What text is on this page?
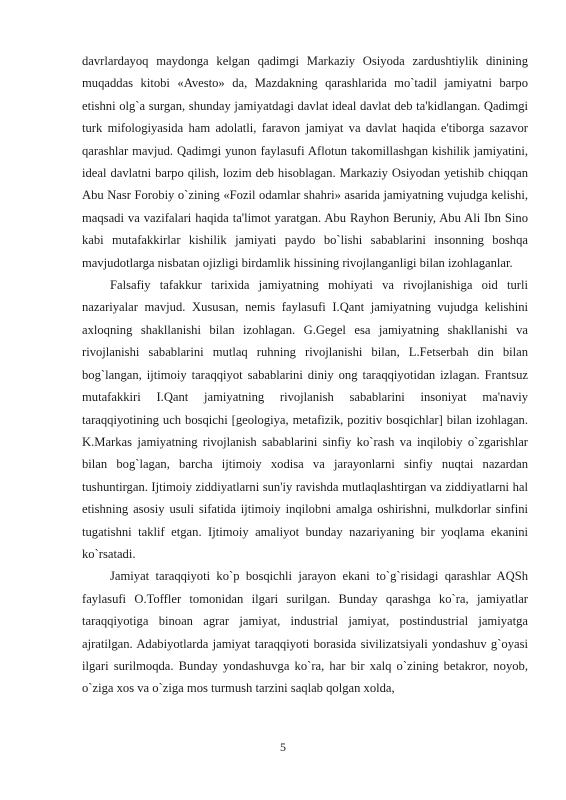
davrlardayoq maydonga kelgan qadimgi Markaziy Osiyoda zardushtiylik dinining muqaddas kitobi «Avesto» da, Mazdakning qarashlarida mo`tadil jamiyatni barpo etishni olg`a surgan, shunday jamiyatdagi davlat ideal davlat deb ta'kidlangan. Qadimgi turk mifologiyasida ham adolatli, faravon jamiyat va davlat haqida e'tiborga sazavor qarashlar mavjud. Qadimgi yunon faylasufi Aflotun takomillashgan kishilik jamiyatini, ideal davlatni barpo qilish, lozim deb hisoblagan. Markaziy Osiyodan yetishib chiqqan Abu Nasr Forobiy o`zining «Fozil odamlar shahri» asarida jamiyatning vujudga kelishi, maqsadi va vazifalari haqida ta'limot yaratgan. Abu Rayhon Beruniy, Abu Ali Ibn Sino kabi mutafakkirlar kishilik jamiyati paydo bo`lishi sabablarini insonning boshqa mavjudotlarga nisbatan ojizligi birdamlik hissining rivojlanganligi bilan izohlaganlar.

Falsafiy tafakkur tarixida jamiyatning mohiyati va rivojlanishiga oid turli nazariyalar mavjud. Xususan, nemis faylasufi I.Qant jamiyatning vujudga kelishini axloqning shakllanishi bilan izohlagan. G.Gegel esa jamiyatning shakllanishi va rivojlanishi sabablarini mutlaq ruhning rivojlanishi bilan, L.Fetserbah din bilan bog`langan, ijtimoiy taraqqiyot sabablarini diniy ong taraqqiyotidan izlagan. Frantsuz mutafakkiri I.Qant jamiyatning rivojlanish sabablarini insoniyat ma'naviy taraqqiyotining uch bosqichi [geologiya, metafizik, pozitiv bosqichlar] bilan izohlagan. K.Markas jamiyatning rivojlanish sabablarini sinfiy ko`rash va inqilobiy o`zgarishlar bilan bog`lagan, barcha ijtimoiy xodisa va jarayonlarni sinfiy nuqtai nazardan tushuntirgan. Ijtimoiy ziddiyatlarni sun'iy ravishda mutlaqlashtirgan va ziddiyatlarni hal etishning asosiy usuli sifatida ijtimoiy inqilobni amalga oshirishni, mulkdorlar sinfini tugatishni taklif etgan. Ijtimoiy amaliyot bunday nazariyaning bir yoqlama ekanini ko`rsatadi.

Jamiyat taraqqiyoti ko`p bosqichli jarayon ekani to`g`risidagi qarashlar AQSh faylasufi O.Toffler tomonidan ilgari surilgan. Bunday qarashga ko`ra, jamiyatlar taraqqiyotiga binoan agrar jamiyat, industrial jamiyat, postindustrial jamiyatga ajratilgan. Adabiyotlarda jamiyat taraqqiyoti borasida sivilizatsiyali yondashuv g`oyasi ilgari surilmoqda. Bunday yondashuvga ko`ra, har bir xalq o`zining betakror, noyob, o`ziga xos va o`ziga mos turmush tarzini saqlab qolgan xolda,

5
